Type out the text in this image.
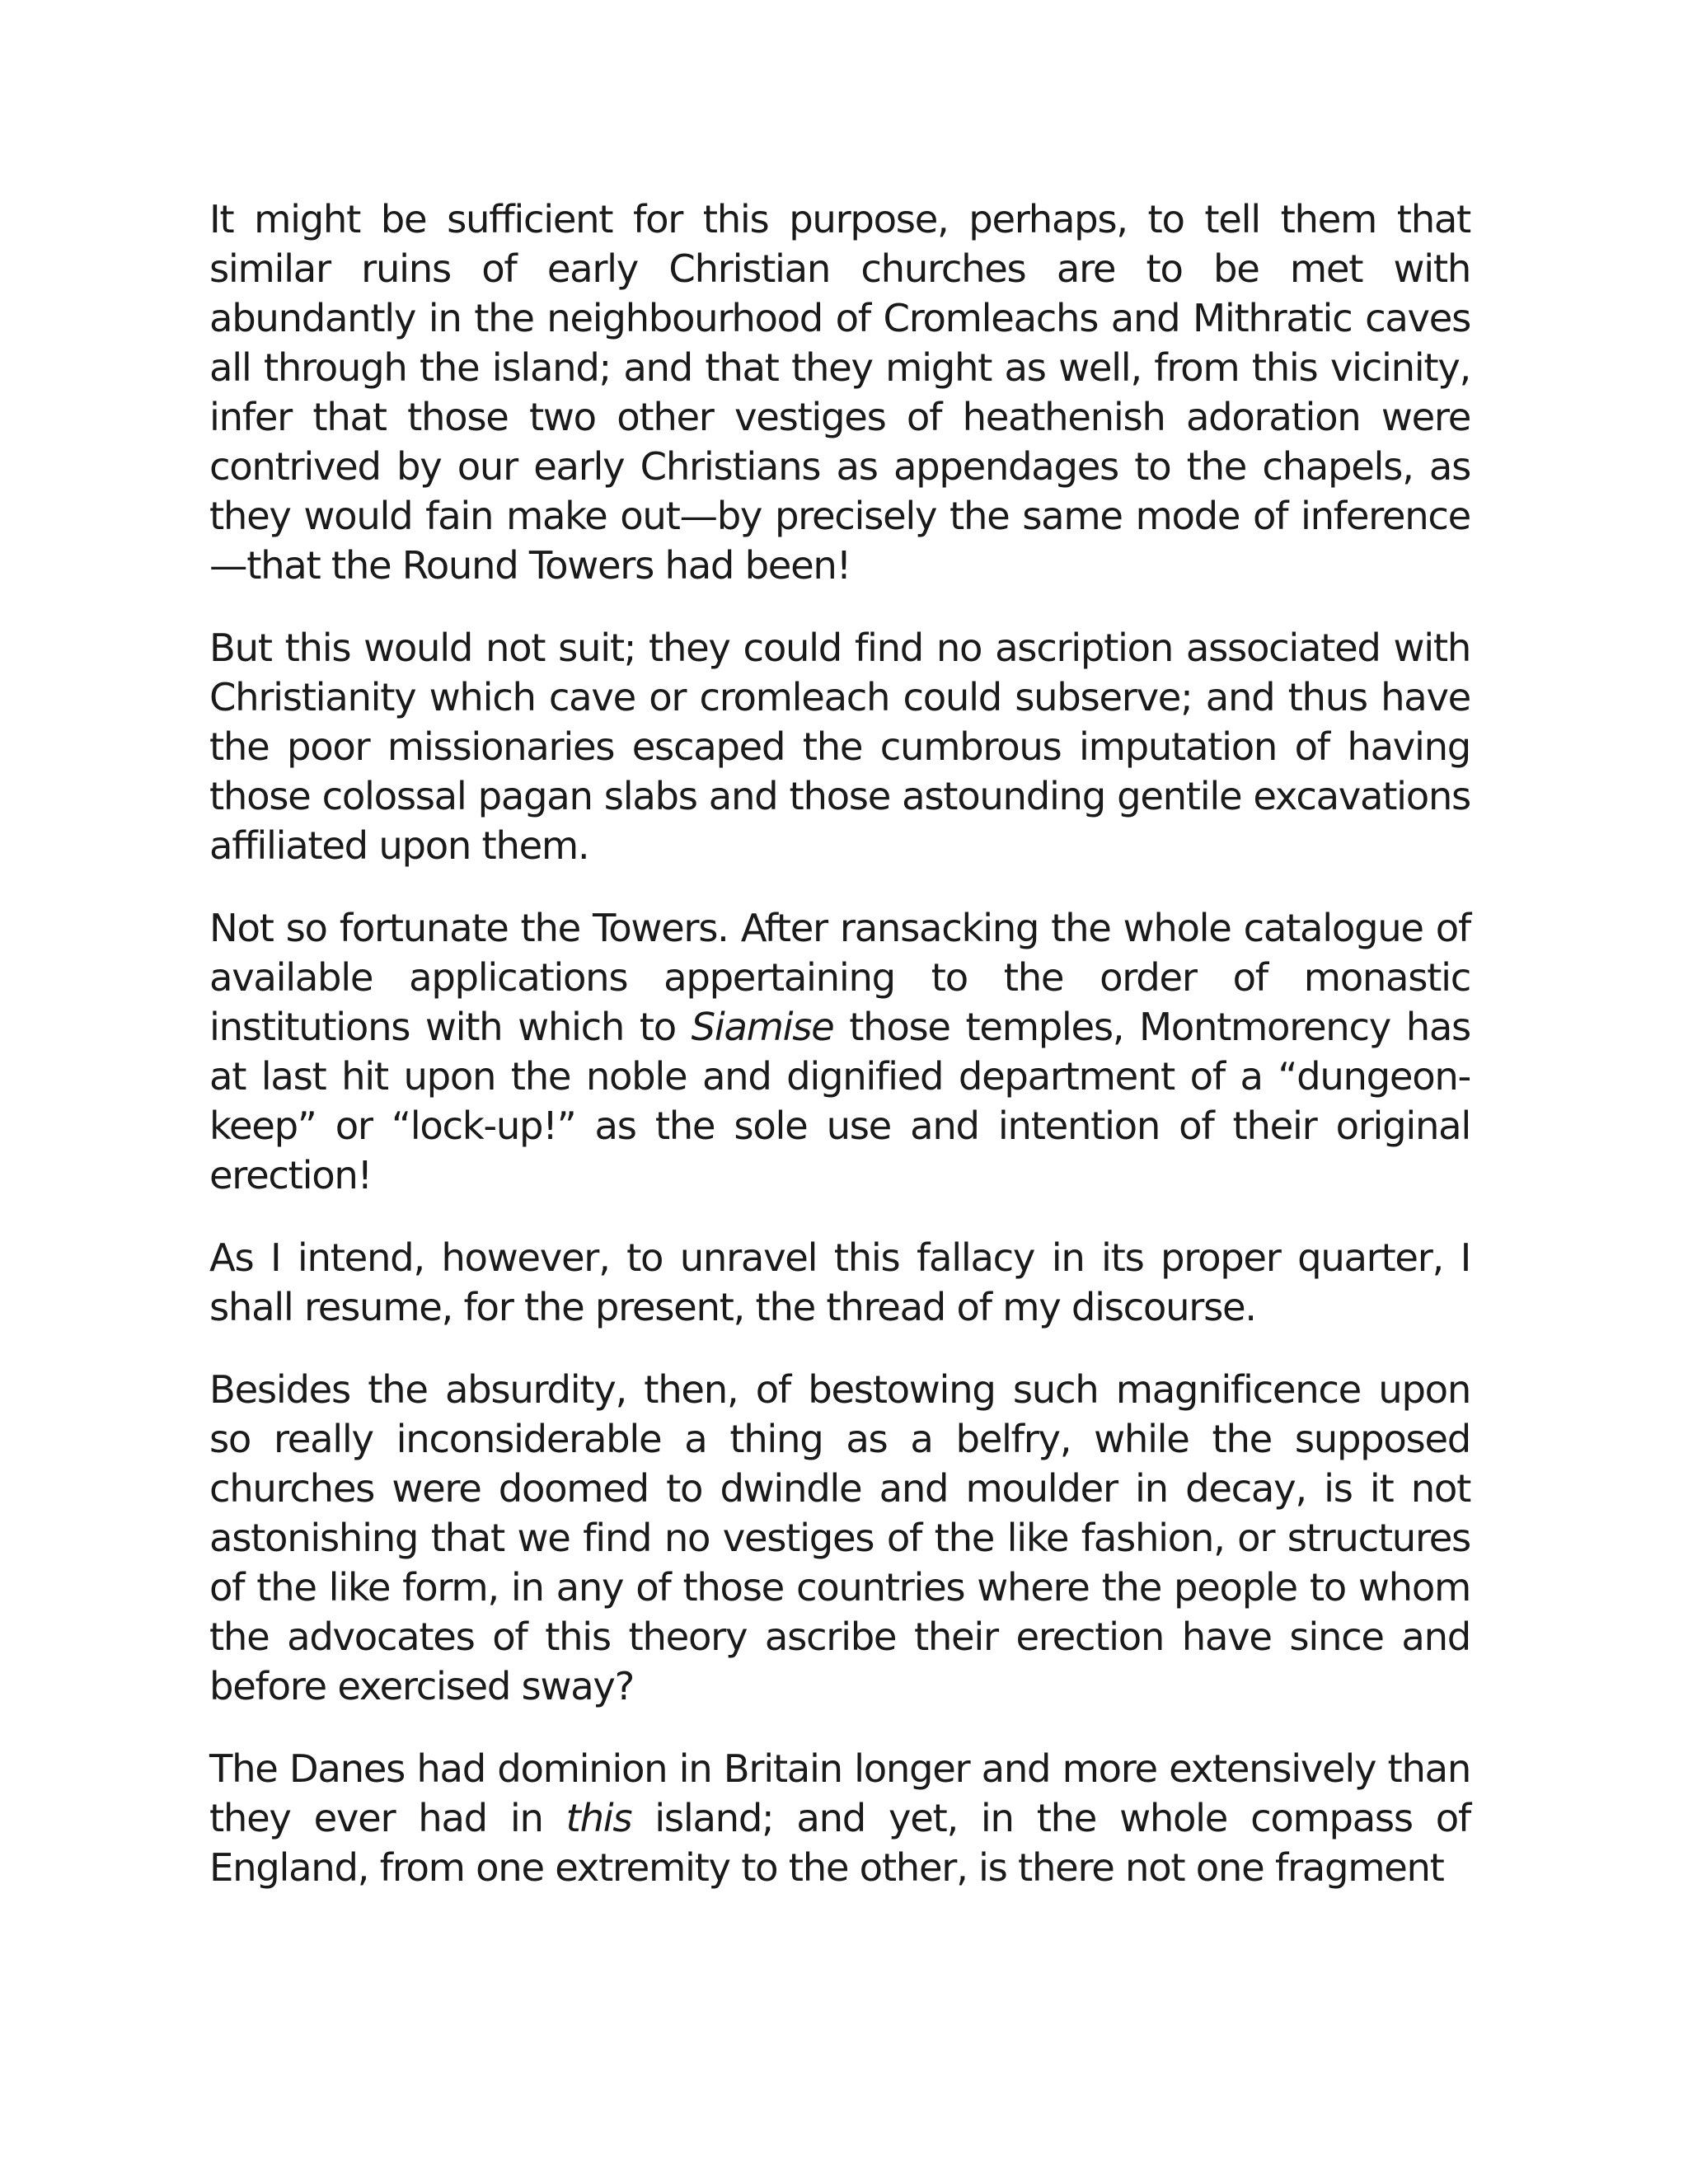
It might be sufficient for this purpose, perhaps, to tell them that similar ruins of early Christian churches are to be met with abundantly in the neighbourhood of Cromleachs and Mithratic caves all through the island; and that they might as well, from this vicinity, infer that those two other vestiges of heathenish adoration were contrived by our early Christians as appendages to the chapels, as they would fain make out—by precisely the same mode of inference —that the Round Towers had been!

But this would not suit; they could find no ascription associated with Christianity which cave or cromleach could subserve; and thus have the poor missionaries escaped the cumbrous imputation of having those colossal pagan slabs and those astounding gentile excavations affiliated upon them.

Not so fortunate the Towers. After ransacking the whole catalogue of available applications appertaining to the order of monastic institutions with which to Siamise those temples, Montmorency has at last hit upon the noble and dignified department of a “dungeon-keep” or “lock-up!” as the sole use and intention of their original erection!

As I intend, however, to unravel this fallacy in its proper quarter, I shall resume, for the present, the thread of my discourse.

Besides the absurdity, then, of bestowing such magnificence upon so really inconsiderable a thing as a belfry, while the supposed churches were doomed to dwindle and moulder in decay, is it not astonishing that we find no vestiges of the like fashion, or structures of the like form, in any of those countries where the people to whom the advocates of this theory ascribe their erection have since and before exercised sway?

The Danes had dominion in Britain longer and more extensively than they ever had in this island; and yet, in the whole compass of England, from one extremity to the other, is there not one fragment
